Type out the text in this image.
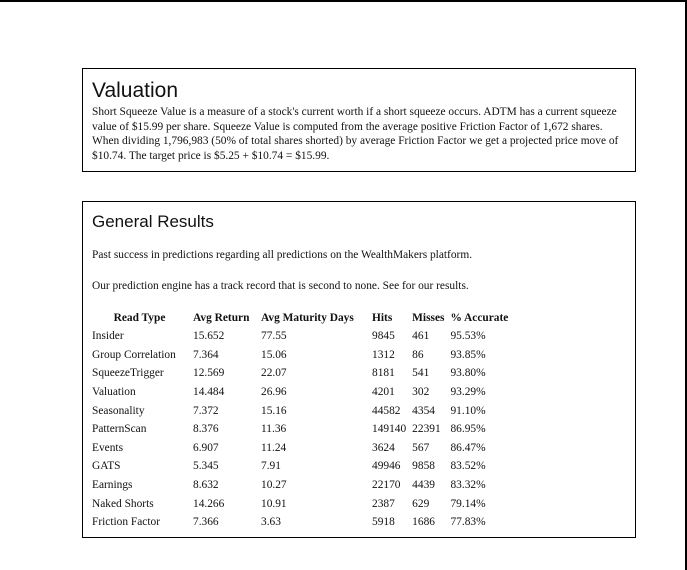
Valuation

Short Squeeze Value is a measure of a stock's current worth if a short squeeze occurs. ADTM has a current squeeze value of $15.99 per share. Squeeze Value is computed from the average positive Friction Factor of 1,672 shares. When dividing 1,796,983 (50% of total shares shorted) by average Friction Factor we get a projected price move of $10.74. The target price is $5.25 + $10.74 = $15.99.

General Results

Past success in predictions regarding all predictions on the WealthMakers platform.

Our prediction engine has a track record that is second to none. See for our results.

Read Type	Avg Return	Avg Maturity Days	Hits	Misses	% Accurate
Insider	15.652	77.55	9845	461	95.53%
Group Correlation	7.364	15.06	1312	86	93.85%
SqueezeTrigger	12.569	22.07	8181	541	93.80%
Valuation	14.484	26.96	4201	302	93.29%
Seasonality	7.372	15.16	44582	4354	91.10%
PatternScan	8.376	11.36	149140	22391	86.95%
Events	6.907	11.24	3624	567	86.47%
GATS	5.345	7.91	49946	9858	83.52%
Earnings	8.632	10.27	22170	4439	83.32%
Naked Shorts	14.266	10.91	2387	629	79.14%
Friction Factor	7.366	3.63	5918	1686	77.83%
